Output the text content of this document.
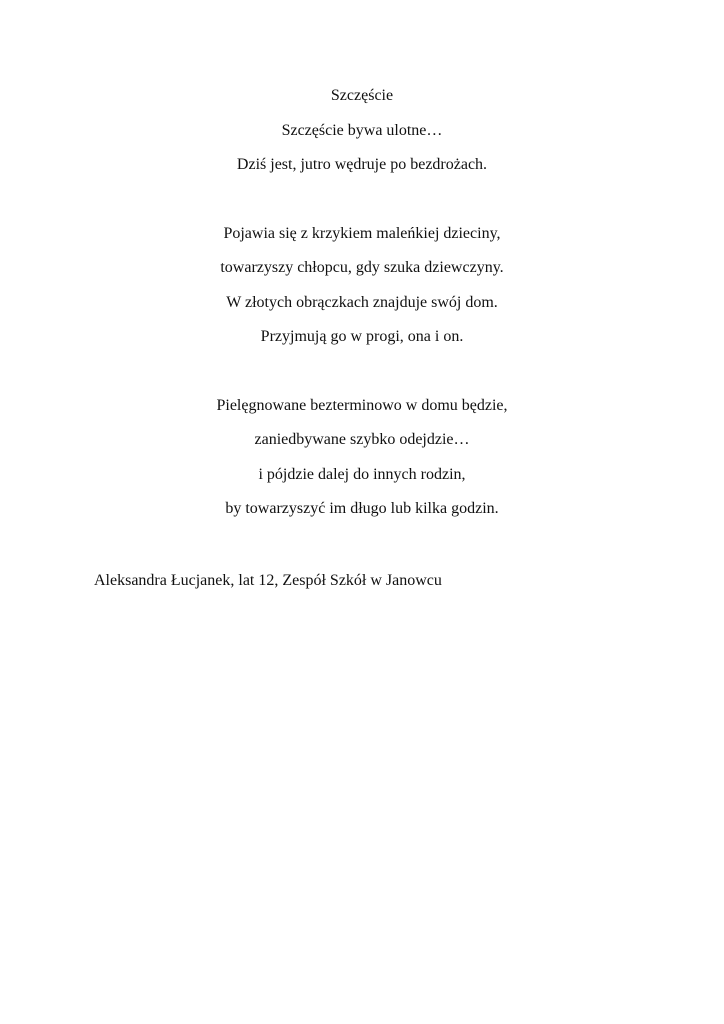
Szczęście
Szczęście bywa ulotne…
Dziś jest, jutro wędruje po bezdrożach.
Pojawia się z krzykiem maleńkiej dzieciny,
towarzyszy chłopcu, gdy szuka dziewczyny.
W złotych obrączkach znajduje swój dom.
Przyjmują go w progi, ona i on.
Pielęgnowane bezterminowo w domu będzie,
zaniedbywane szybko odejdzie…
i pójdzie dalej do innych rodzin,
by towarzyszyć im długo lub kilka godzin.
Aleksandra Łucjanek, lat 12, Zespół Szkół w Janowcu
